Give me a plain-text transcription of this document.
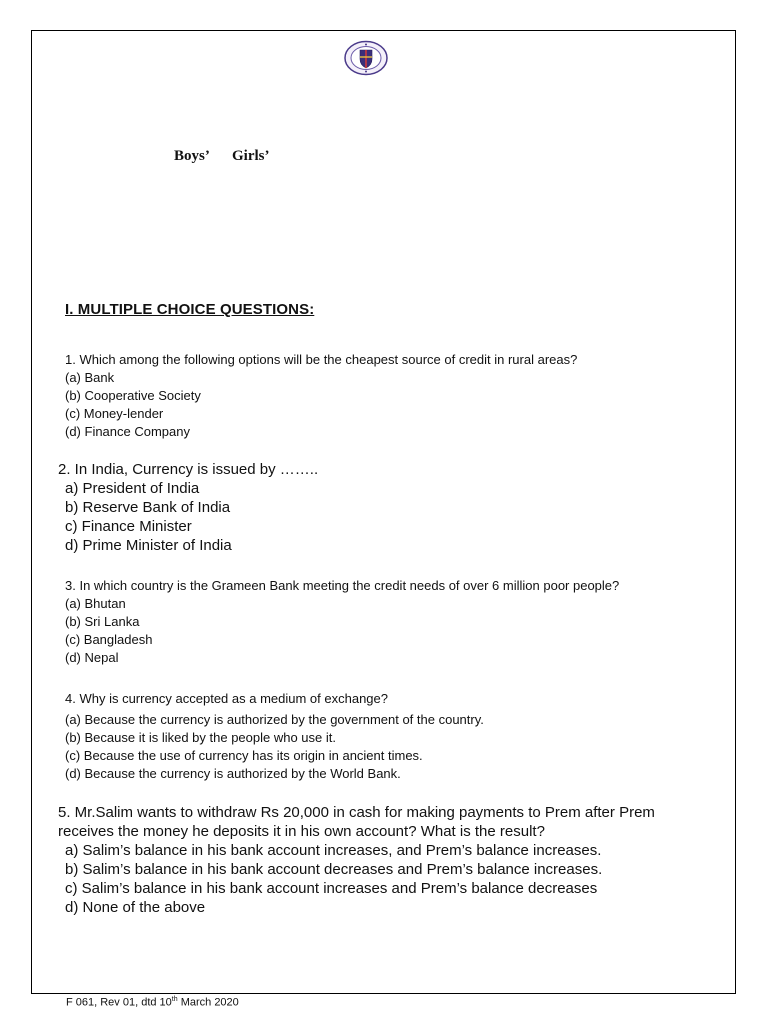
Boys’ Girls’
I. MULTIPLE CHOICE QUESTIONS:
1. Which among the following options will be the cheapest source of credit in rural areas?
(a) Bank
(b) Cooperative Society
(c) Money-lender
(d) Finance Company
2. In India, Currency is issued by ……..
a) President of India
b) Reserve Bank of India
c) Finance Minister
d) Prime Minister of India
3. In which country is the Grameen Bank meeting the credit needs of over 6 million poor people?
(a) Bhutan
(b) Sri Lanka
(c) Bangladesh
(d) Nepal
4. Why is currency accepted as a medium of exchange?
(a) Because the currency is authorized by the government of the country.
(b) Because it is liked by the people who use it.
(c) Because the use of currency has its origin in ancient times.
(d) Because the currency is authorized by the World Bank.
5. Mr.Salim wants to withdraw Rs 20,000 in cash for making payments to Prem after Prem
receives the money he deposits it in his own account? What is the result?
a) Salim’s balance in his bank account increases, and Prem’s balance increases.
b) Salim’s balance in his bank account decreases and Prem’s balance increases.
c) Salim’s balance in his bank account increases and Prem’s balance decreases
d) None of the above
F 061, Rev 01, dtd 10th March 2020
